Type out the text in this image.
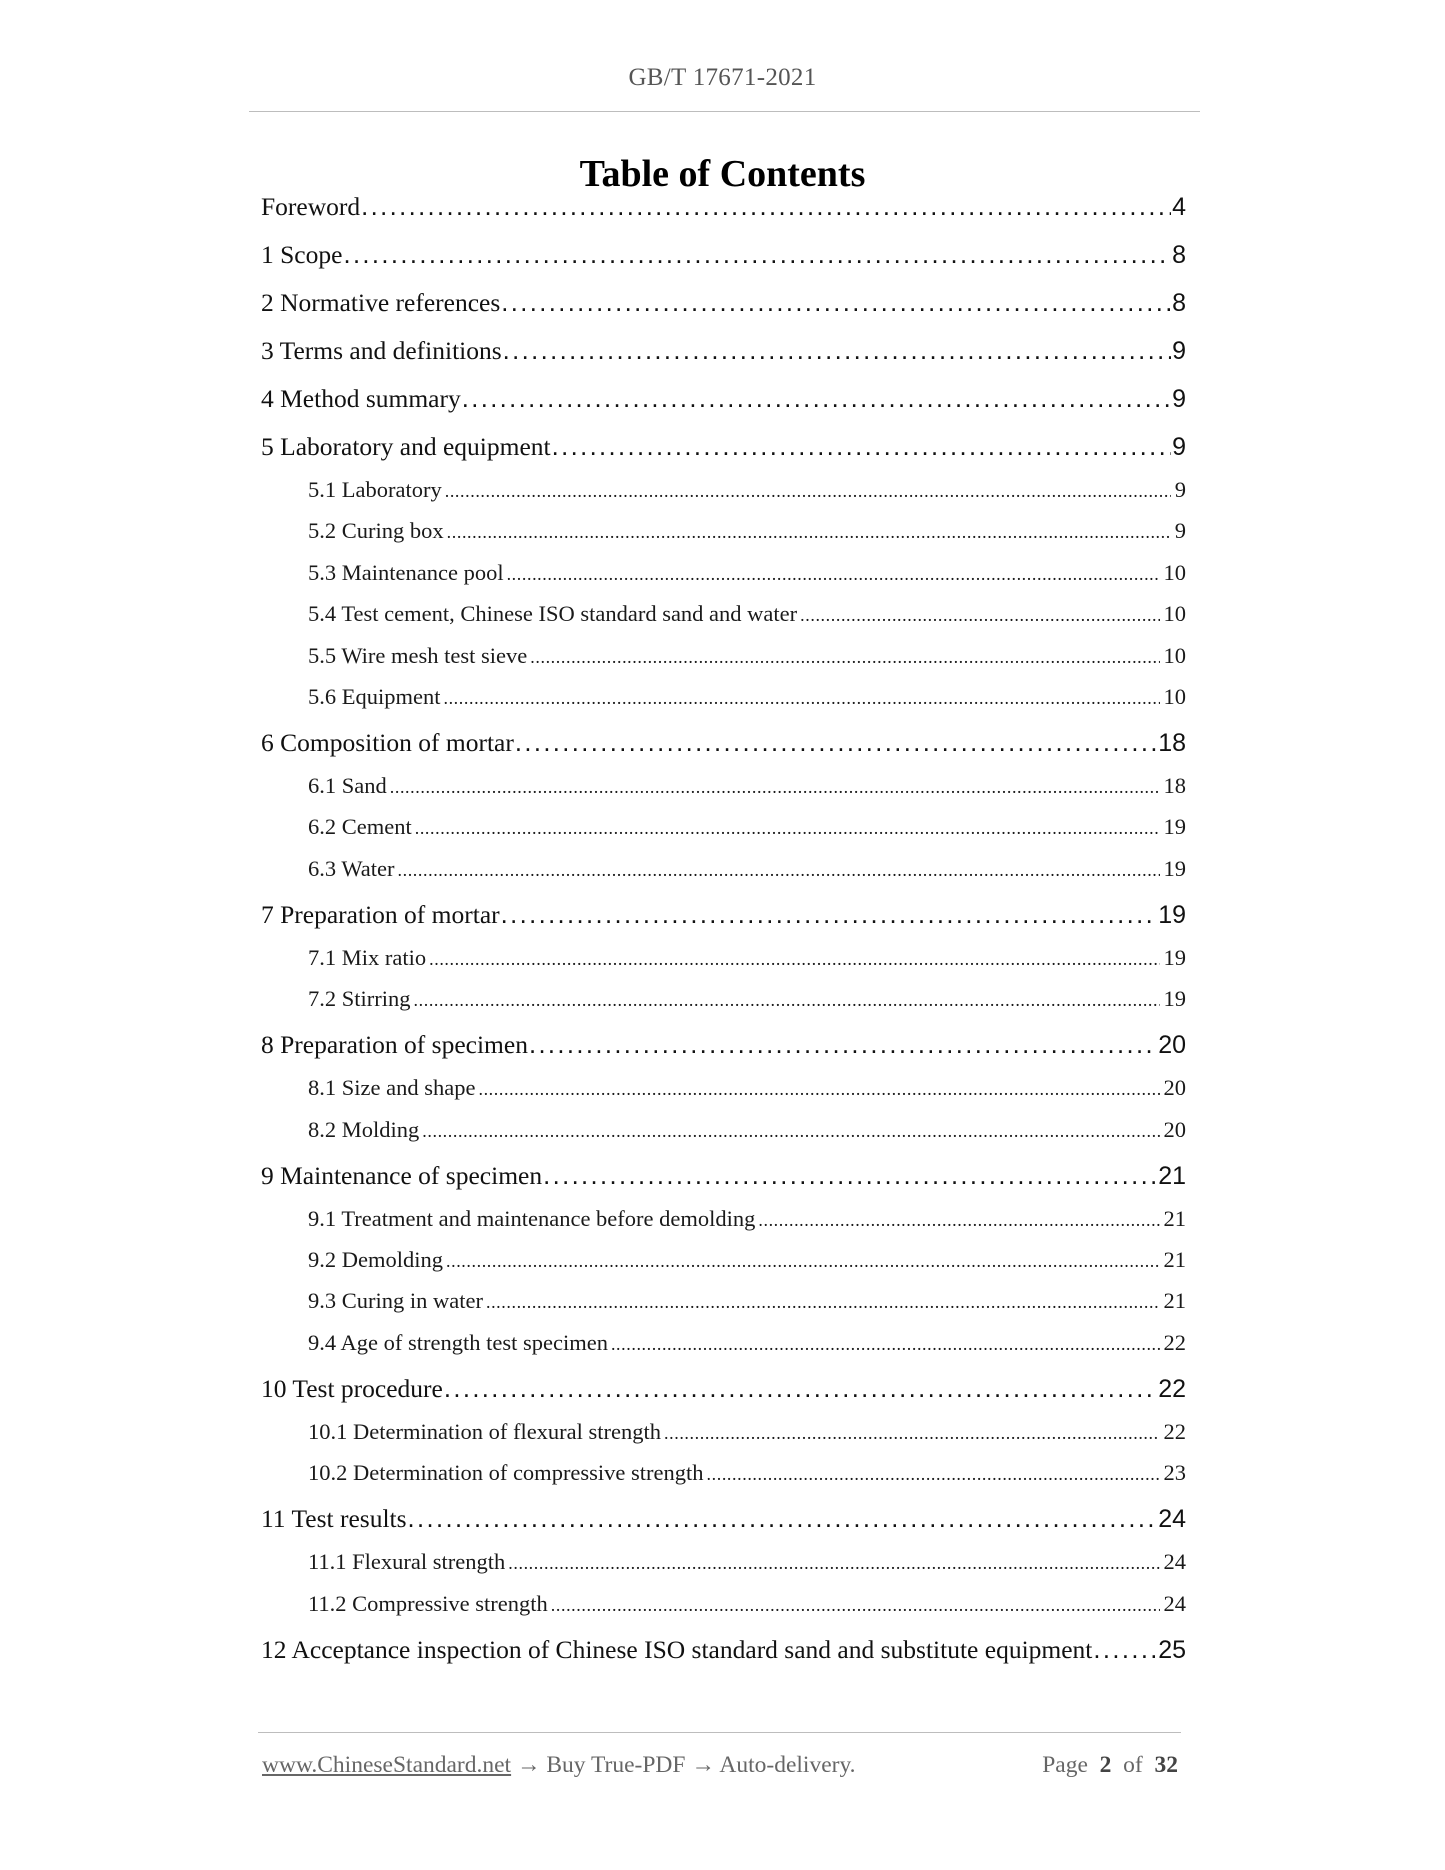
GB/T 17671-2021
Table of Contents
Foreword .....	4
1 Scope .....	8
2 Normative references .....	8
3 Terms and definitions .....	9
4 Method summary .....	9
5 Laboratory and equipment .....	9
5.1 Laboratory .....	9
5.2 Curing box .....	9
5.3 Maintenance pool .....	10
5.4 Test cement, Chinese ISO standard sand and water .....	10
5.5 Wire mesh test sieve .....	10
5.6 Equipment .....	10
6 Composition of mortar .....	18
6.1 Sand .....	18
6.2 Cement .....	19
6.3 Water .....	19
7 Preparation of mortar .....	19
7.1 Mix ratio .....	19
7.2 Stirring .....	19
8 Preparation of specimen .....	20
8.1 Size and shape .....	20
8.2 Molding .....	20
9 Maintenance of specimen .....	21
9.1 Treatment and maintenance before demolding .....	21
9.2 Demolding .....	21
9.3 Curing in water .....	21
9.4 Age of strength test specimen .....	22
10 Test procedure .....	22
10.1 Determination of flexural strength .....	22
10.2 Determination of compressive strength .....	23
11 Test results .....	24
11.1 Flexural strength .....	24
11.2 Compressive strength .....	24
12 Acceptance inspection of Chinese ISO standard sand and substitute equipment .....	25
www.ChineseStandard.net → Buy True-PDF → Auto-delivery.	Page 2 of 32
